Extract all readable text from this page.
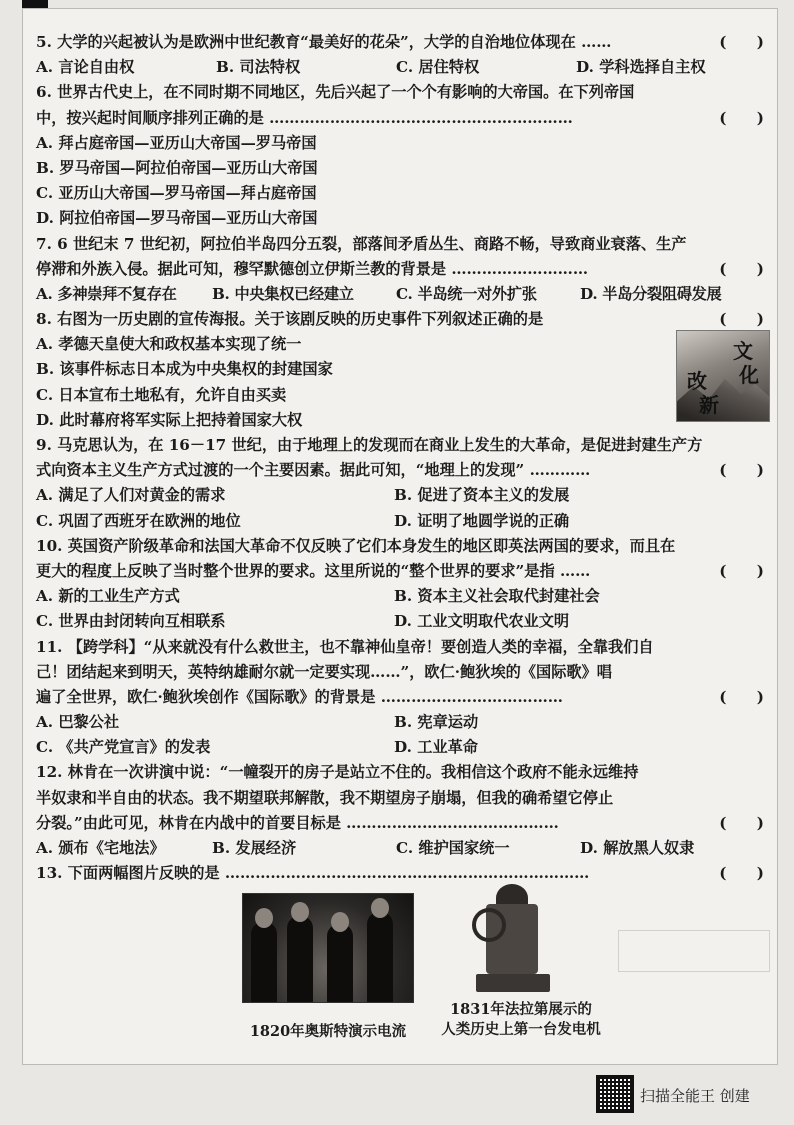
5. 大学的兴起被认为是欧洲中世纪教育“最美好的花朵”，大学的自治地位体现在 ……	(　　)
A. 言论自由权	B. 司法特权	C. 居住特权	D. 学科选择自主权
6. 世界古代史上，在不同时期不同地区，先后兴起了一个个有影响的大帝国。在下列帝国
中，按兴起时间顺序排列正确的是 ……………………………………………………	(　　)
A. 拜占庭帝国—亚历山大帝国—罗马帝国
B. 罗马帝国—阿拉伯帝国—亚历山大帝国
C. 亚历山大帝国—罗马帝国—拜占庭帝国
D. 阿拉伯帝国—罗马帝国—亚历山大帝国
7. 6 世纪末 7 世纪初，阿拉伯半岛四分五裂，部落间矛盾丛生、商路不畅，导致商业衰落、生产
停滞和外族入侵。据此可知，穆罕默德创立伊斯兰教的背景是 ………………………	(　　)
A. 多神崇拜不复存在	B. 中央集权已经建立	C. 半岛统一对外扩张	D. 半岛分裂阻碍发展
8. 右图为一历史剧的宣传海报。关于该剧反映的历史事件下列叙述正确的是	(　　)
A. 孝德天皇使大和政权基本实现了统一
B. 该事件标志日本成为中央集权的封建国家
C. 日本宣布土地私有，允许自由买卖
D. 此时幕府将军实际上把持着国家大权
9. 马克思认为，在 16－17 世纪，由于地理上的发现而在商业上发生的大革命，是促进封建生产方
式向资本主义生产方式过渡的一个主要因素。据此可知，“地理上的发现” …………	(　　)
A. 满足了人们对黄金的需求	B. 促进了资本主义的发展
C. 巩固了西班牙在欧洲的地位	D. 证明了地圆学说的正确
10. 英国资产阶级革命和法国大革命不仅反映了它们本身发生的地区即英法两国的要求，而且在
更大的程度上反映了当时整个世界的要求。这里所说的“整个世界的要求”是指 ……	(　　)
A. 新的工业生产方式	B. 资本主义社会取代封建社会
C. 世界由封闭转向互相联系	D. 工业文明取代农业文明
11. 【跨学科】“从来就没有什么救世主，也不靠神仙皇帝！要创造人类的幸福，全靠我们自
己！团结起来到明天，英特纳雄耐尔就一定要实现……”，欧仁·鲍狄埃的《国际歌》唱
遍了全世界，欧仁·鲍狄埃创作《国际歌》的背景是 ………………………………	(　　)
A. 巴黎公社	B. 宪章运动
C. 《共产党宣言》的发表	D. 工业革命
12. 林肯在一次讲演中说：“一幢裂开的房子是站立不住的。我相信这个政府不能永远维持
半奴隶和半自由的状态。我不期望联邦解散，我不期望房子崩塌，但我的确希望它停止
分裂。”由此可见，林肯在内战中的首要目标是 ……………………………………	(　　)
A. 颁布《宅地法》	B. 发展经济	C. 维护国家统一	D. 解放黑人奴隶
13. 下面两幅图片反映的是 ………………………………………………………………	(　　)
文
化
改
新
1820年奥斯特演示电流
1831年法拉第展示的
人类历史上第一台发电机
扫描全能王 创建
